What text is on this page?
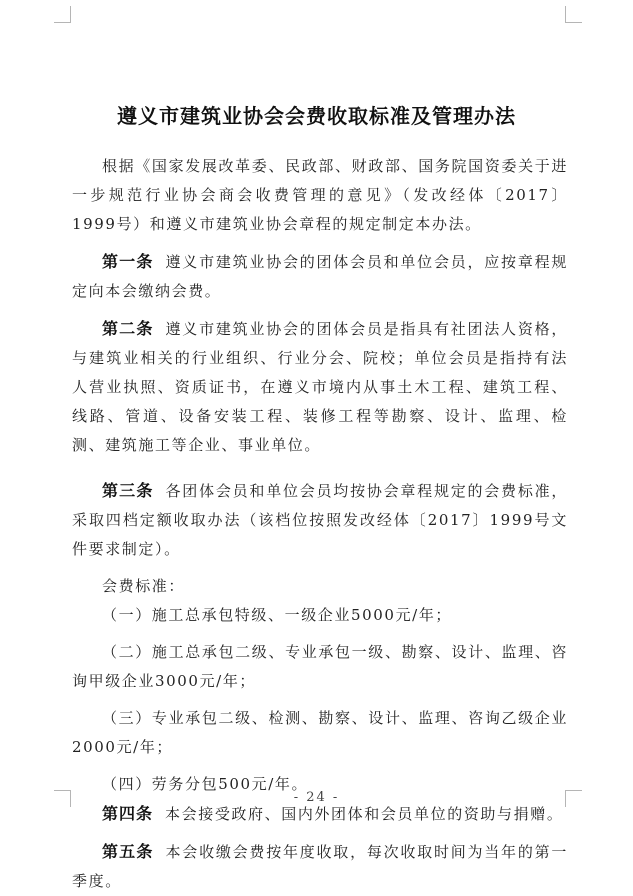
遵义市建筑业协会会费收取标准及管理办法

根据《国家发展改革委、民政部、财政部、国务院国资委关于进一步规范行业协会商会收费管理的意见》（发改经体〔2017〕1999号）和遵义市建筑业协会章程的规定制定本办法。

第一条 遵义市建筑业协会的团体会员和单位会员，应按章程规定向本会缴纳会费。

第二条 遵义市建筑业协会的团体会员是指具有社团法人资格，与建筑业相关的行业组织、行业分会、院校；单位会员是指持有法人营业执照、资质证书，在遵义市境内从事土木工程、建筑工程、线路、管道、设备安装工程、装修工程等勘察、设计、监理、检测、建筑施工等企业、事业单位。

第三条 各团体会员和单位会员均按协会章程规定的会费标准，采取四档定额收取办法（该档位按照发改经体〔2017〕1999号文件要求制定）。

会费标准：

（一）施工总承包特级、一级企业5000元/年；

（二）施工总承包二级、专业承包一级、勘察、设计、监理、咨询甲级企业3000元/年；

（三）专业承包二级、检测、勘察、设计、监理、咨询乙级企业2000元/年；

（四）劳务分包500元/年。

第四条 本会接受政府、国内外团体和会员单位的资助与捐赠。

第五条 本会收缴会费按年度收取，每次收取时间为当年的第一季度。

- 24 -
